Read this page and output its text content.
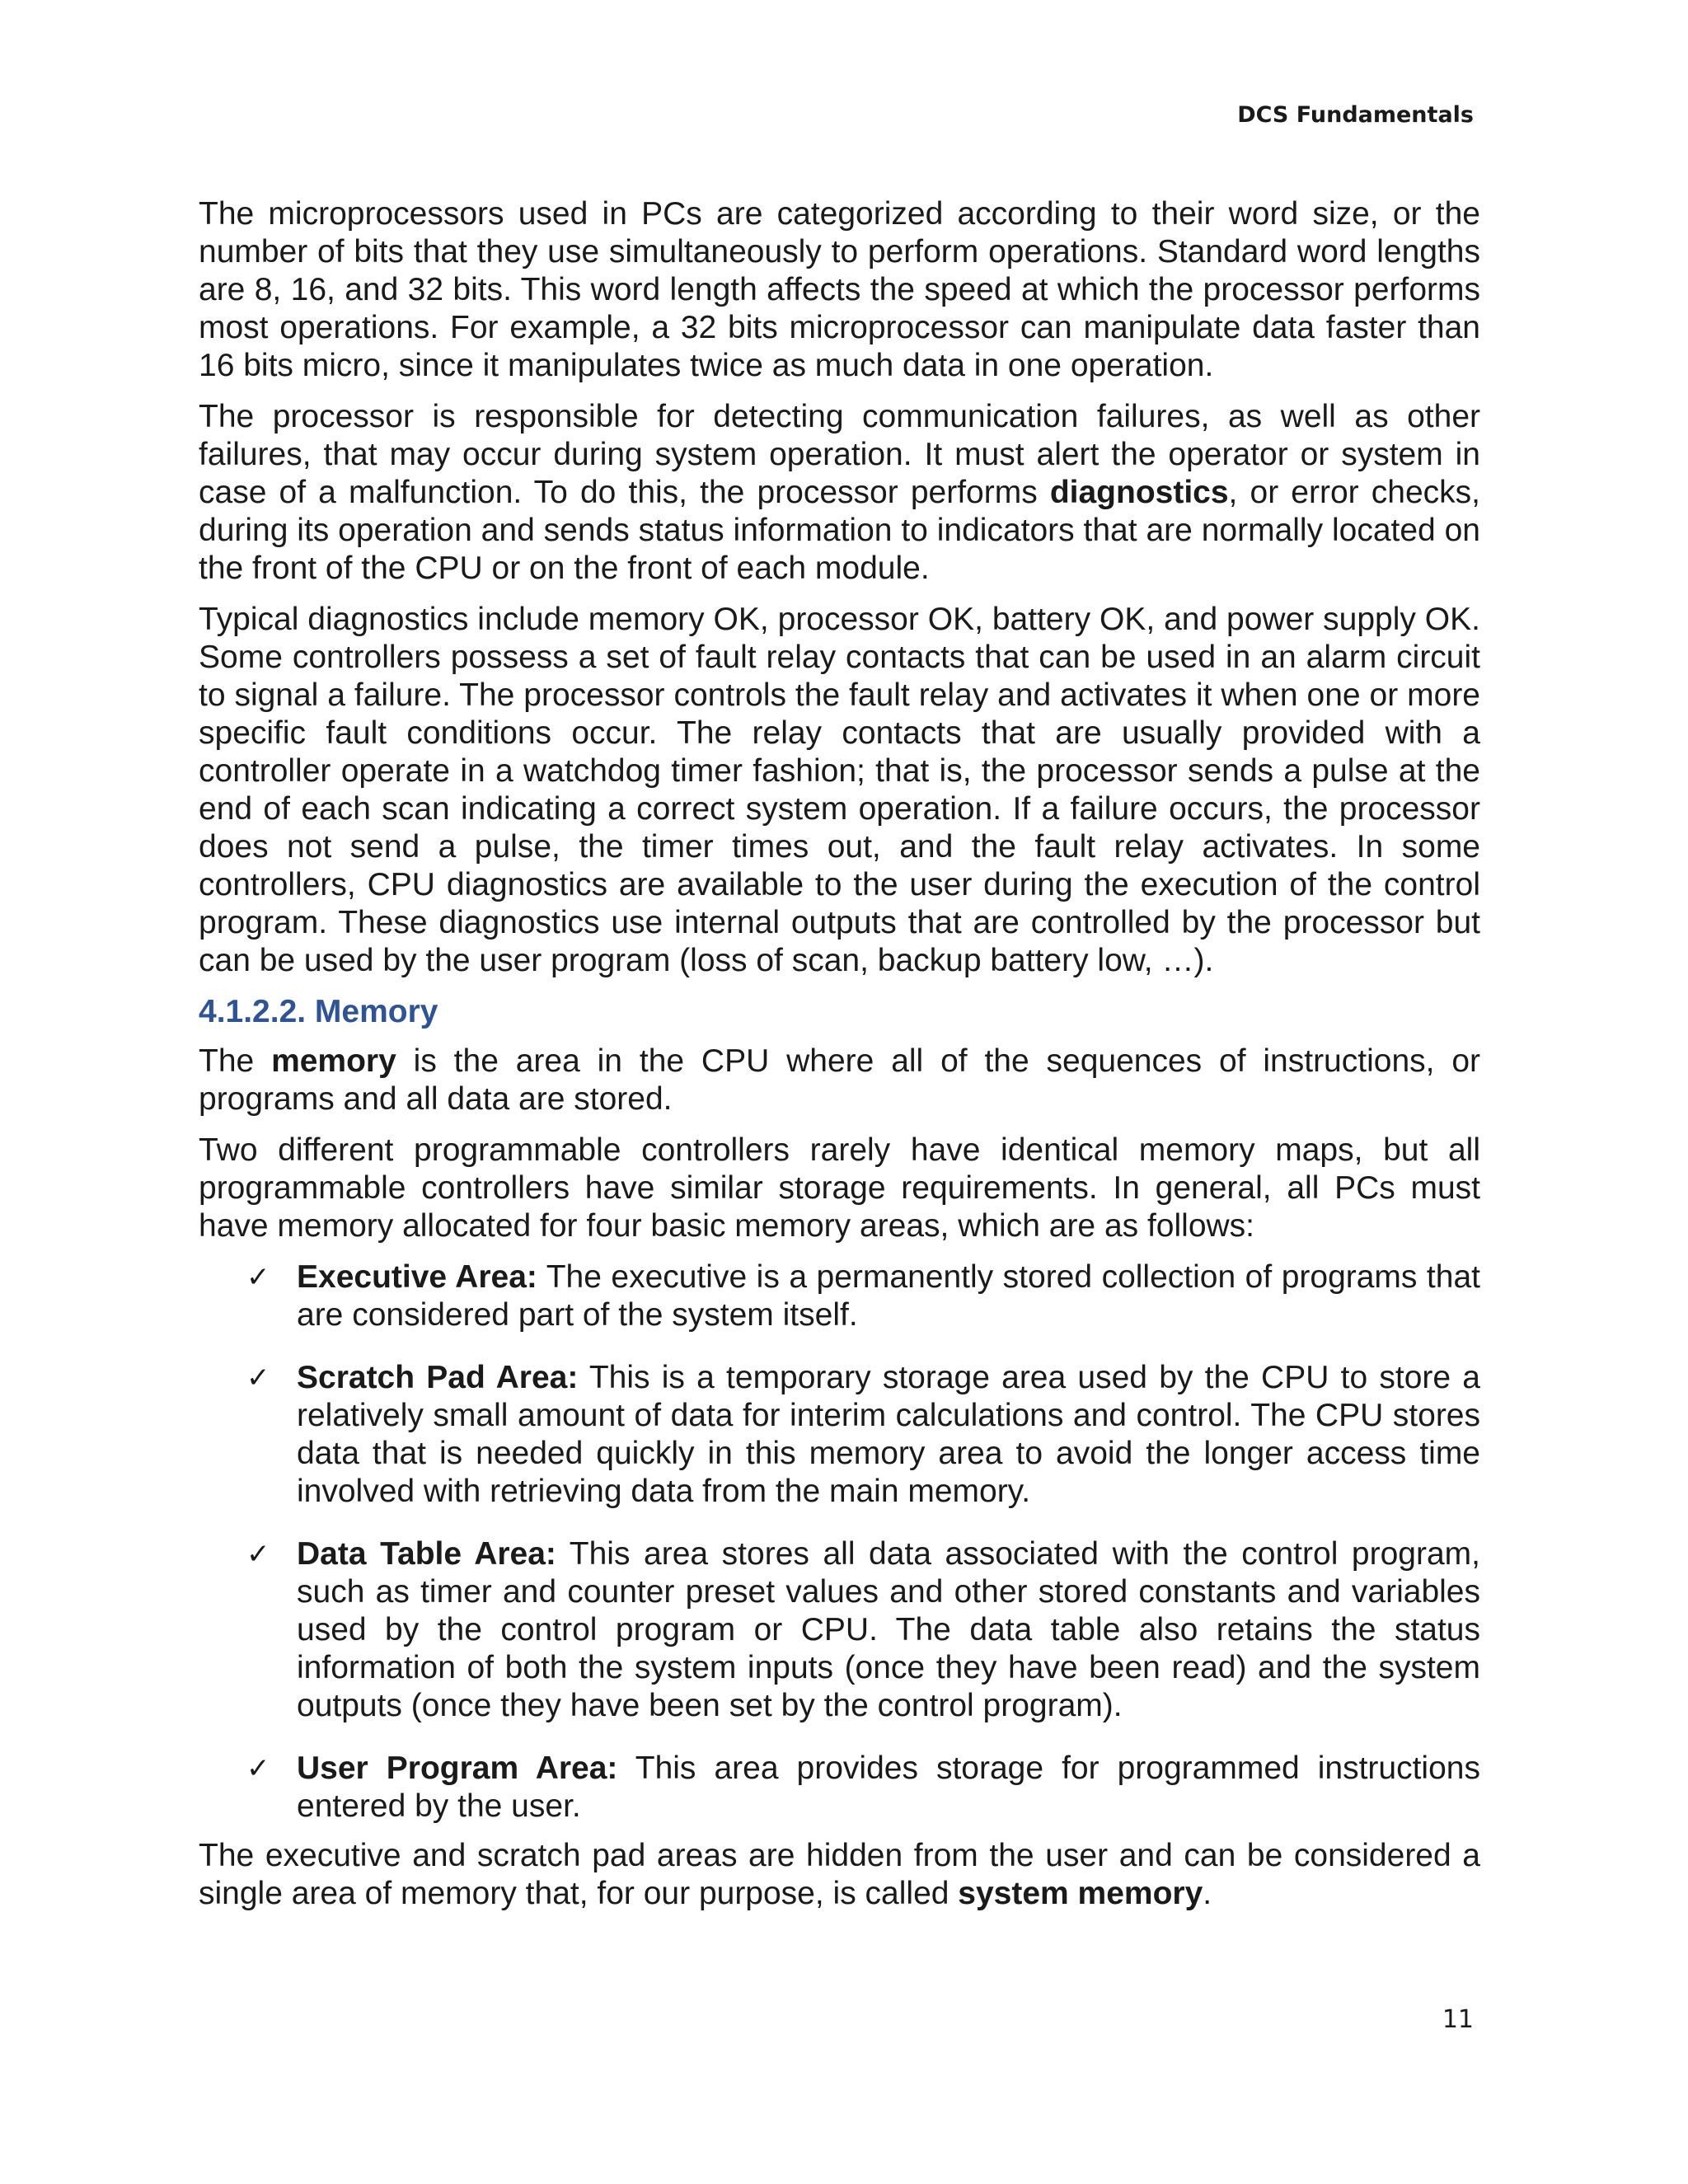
DCS Fundamentals

The microprocessors used in PCs are categorized according to their word size, or the number of bits that they use simultaneously to perform operations. Standard word lengths are 8, 16, and 32 bits. This word length affects the speed at which the processor performs most operations. For example, a 32 bits microprocessor can manipulate data faster than 16 bits micro, since it manipulates twice as much data in one operation.

The processor is responsible for detecting communication failures, as well as other failures, that may occur during system operation. It must alert the operator or system in case of a malfunction. To do this, the processor performs diagnostics, or error checks, during its operation and sends status information to indicators that are normally located on the front of the CPU or on the front of each module.

Typical diagnostics include memory OK, processor OK, battery OK, and power supply OK. Some controllers possess a set of fault relay contacts that can be used in an alarm circuit to signal a failure. The processor controls the fault relay and activates it when one or more specific fault conditions occur. The relay contacts that are usually provided with a controller operate in a watchdog timer fashion; that is, the processor sends a pulse at the end of each scan indicating a correct system operation. If a failure occurs, the processor does not send a pulse, the timer times out, and the fault relay activates. In some controllers, CPU diagnostics are available to the user during the execution of the control program. These diagnostics use internal outputs that are controlled by the processor but can be used by the user program (loss of scan, backup battery low, …).

4.1.2.2. Memory

The memory is the area in the CPU where all of the sequences of instructions, or programs and all data are stored.

Two different programmable controllers rarely have identical memory maps, but all programmable controllers have similar storage requirements. In general, all PCs must have memory allocated for four basic memory areas, which are as follows:

✓ Executive Area: The executive is a permanently stored collection of programs that are considered part of the system itself.
✓ Scratch Pad Area: This is a temporary storage area used by the CPU to store a relatively small amount of data for interim calculations and control. The CPU stores data that is needed quickly in this memory area to avoid the longer access time involved with retrieving data from the main memory.
✓ Data Table Area: This area stores all data associated with the control program, such as timer and counter preset values and other stored constants and variables used by the control program or CPU. The data table also retains the status information of both the system inputs (once they have been read) and the system outputs (once they have been set by the control program).
✓ User Program Area: This area provides storage for programmed instructions entered by the user.

The executive and scratch pad areas are hidden from the user and can be considered a single area of memory that, for our purpose, is called system memory.

11
